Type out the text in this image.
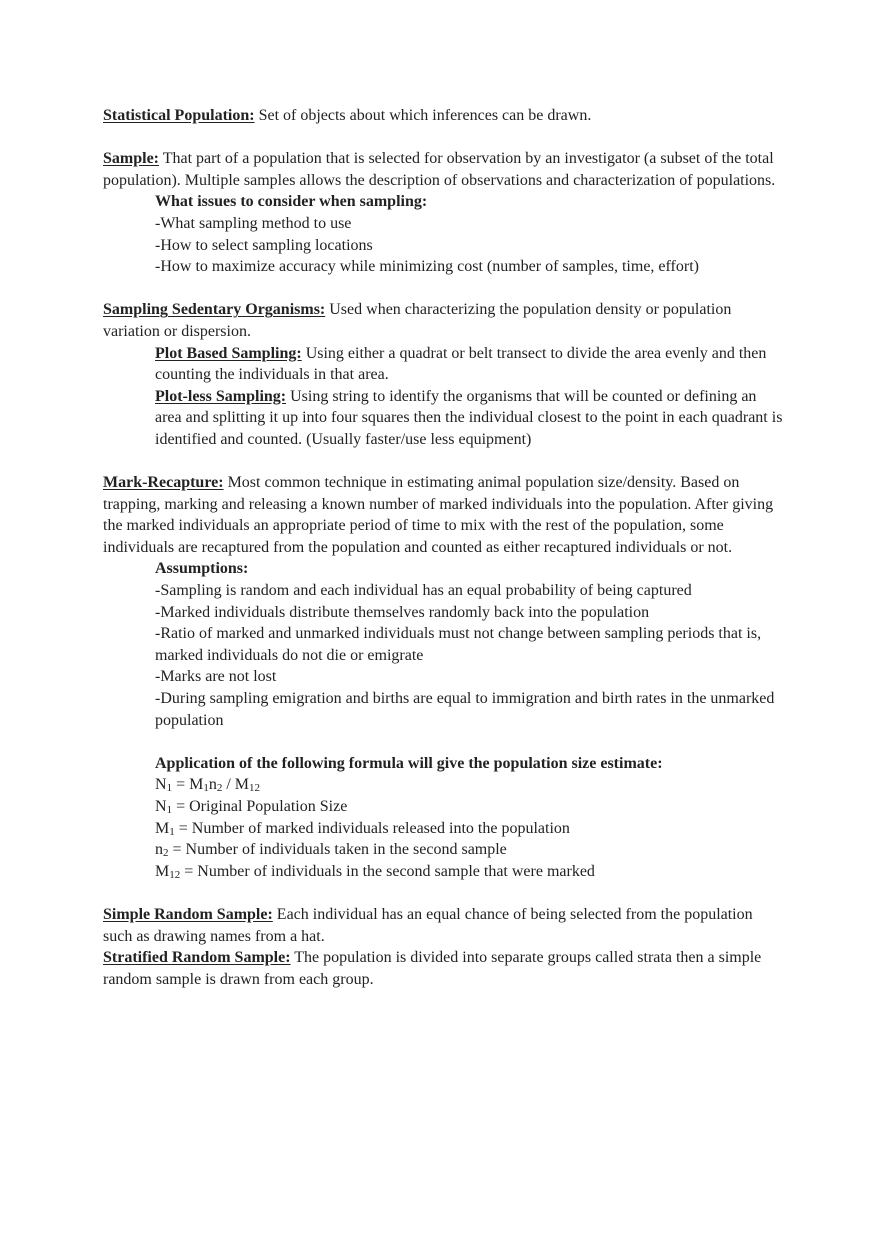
Statistical Population: Set of objects about which inferences can be drawn.

Sample: That part of a population that is selected for observation by an investigator (a subset of the total population). Multiple samples allows the description of observations and characterization of populations.

What issues to consider when sampling:
-What sampling method to use
-How to select sampling locations
-How to maximize accuracy while minimizing cost (number of samples, time, effort)

Sampling Sedentary Organisms: Used when characterizing the population density or population variation or dispersion.

Plot Based Sampling: Using either a quadrat or belt transect to divide the area evenly and then counting the individuals in that area.

Plot-less Sampling: Using string to identify the organisms that will be counted or defining an area and splitting it up into four squares then the individual closest to the point in each quadrant is identified and counted. (Usually faster/use less equipment)

Mark-Recapture: Most common technique in estimating animal population size/density. Based on trapping, marking and releasing a known number of marked individuals into the population. After giving the marked individuals an appropriate period of time to mix with the rest of the population, some individuals are recaptured from the population and counted as either recaptured individuals or not.

Assumptions:
-Sampling is random and each individual has an equal probability of being captured
-Marked individuals distribute themselves randomly back into the population
-Ratio of marked and unmarked individuals must not change between sampling periods that is, marked individuals do not die or emigrate
-Marks are not lost
-During sampling emigration and births are equal to immigration and birth rates in the unmarked population
Application of the following formula will give the population size estimate:
N1 = M1n2 / M12
N1 = Original Population Size
M1 = Number of marked individuals released into the population
n2 = Number of individuals taken in the second sample
M12 = Number of individuals in the second sample that were marked

Simple Random Sample: Each individual has an equal chance of being selected from the population such as drawing names from a hat.

Stratified Random Sample: The population is divided into separate groups called strata then a simple random sample is drawn from each group.
